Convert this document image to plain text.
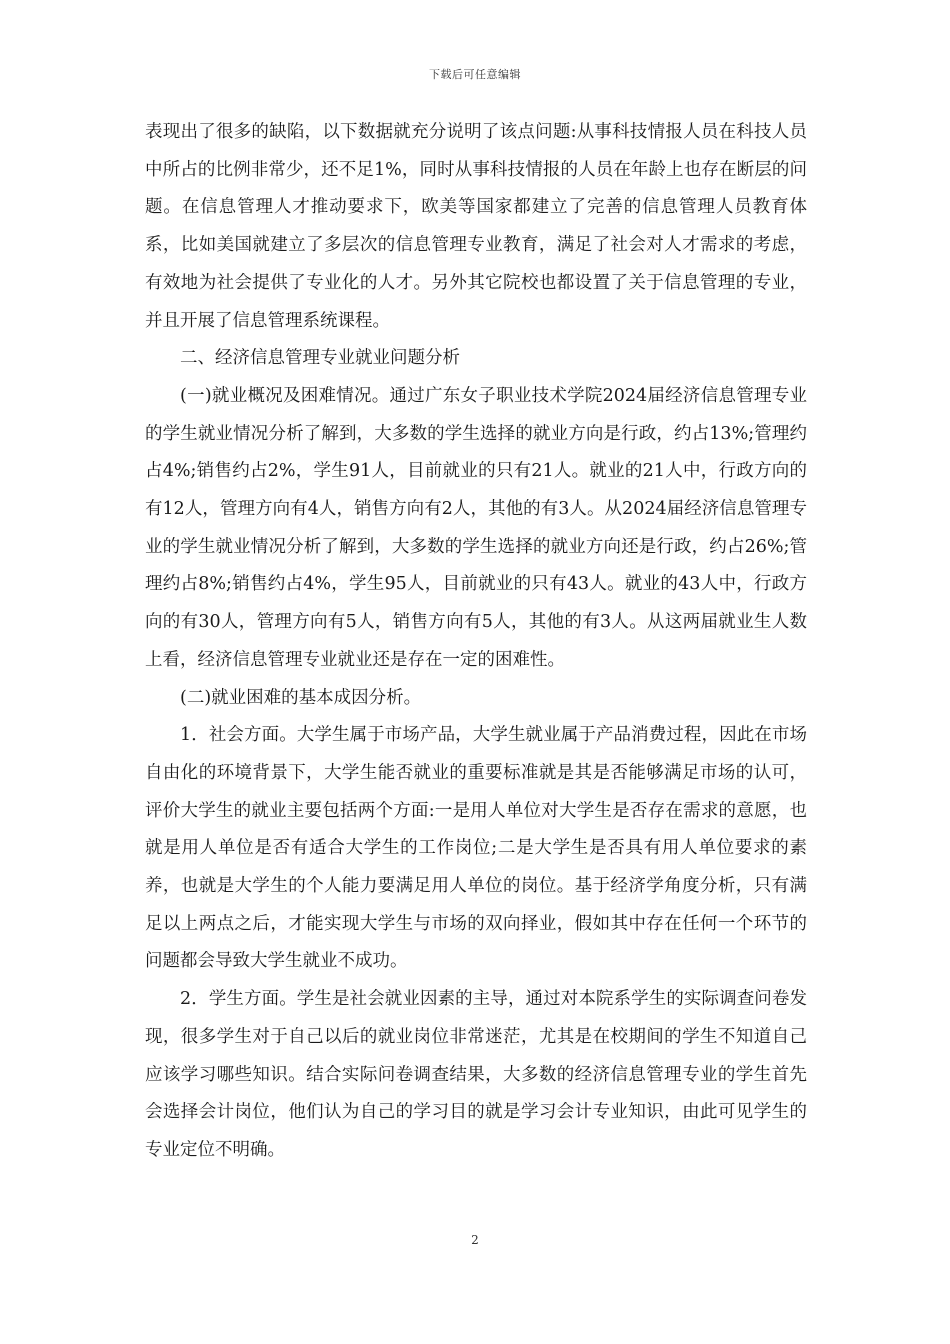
下载后可任意编辑

表现出了很多的缺陷，以下数据就充分说明了该点问题:从事科技情报人员在科技人员中所占的比例非常少，还不足1%，同时从事科技情报的人员在年龄上也存在断层的问题。在信息管理人才推动要求下，欧美等国家都建立了完善的信息管理人员教育体系，比如美国就建立了多层次的信息管理专业教育，满足了社会对人才需求的考虑，有效地为社会提供了专业化的人才。另外其它院校也都设置了关于信息管理的专业，并且开展了信息管理系统课程。

二、经济信息管理专业就业问题分析

(一)就业概况及困难情况。通过广东女子职业技术学院2024届经济信息管理专业的学生就业情况分析了解到，大多数的学生选择的就业方向是行政，约占13%;管理约占4%;销售约占2%，学生91人，目前就业的只有21人。就业的21人中，行政方向的有12人，管理方向有4人，销售方向有2人，其他的有3人。从2024届经济信息管理专业的学生就业情况分析了解到，大多数的学生选择的就业方向还是行政，约占26%;管理约占8%;销售约占4%，学生95人，目前就业的只有43人。就业的43人中，行政方向的有30人，管理方向有5人，销售方向有5人，其他的有3人。从这两届就业生人数上看，经济信息管理专业就业还是存在一定的困难性。

(二)就业困难的基本成因分析。

1．社会方面。大学生属于市场产品，大学生就业属于产品消费过程，因此在市场自由化的环境背景下，大学生能否就业的重要标准就是其是否能够满足市场的认可，评价大学生的就业主要包括两个方面:一是用人单位对大学生是否存在需求的意愿，也就是用人单位是否有适合大学生的工作岗位;二是大学生是否具有用人单位要求的素养，也就是大学生的个人能力要满足用人单位的岗位。基于经济学角度分析，只有满足以上两点之后，才能实现大学生与市场的双向择业，假如其中存在任何一个环节的问题都会导致大学生就业不成功。

2．学生方面。学生是社会就业因素的主导，通过对本院系学生的实际调查问卷发现，很多学生对于自己以后的就业岗位非常迷茫，尤其是在校期间的学生不知道自己应该学习哪些知识。结合实际问卷调查结果，大多数的经济信息管理专业的学生首先会选择会计岗位，他们认为自己的学习目的就是学习会计专业知识，由此可见学生的专业定位不明确。

2
